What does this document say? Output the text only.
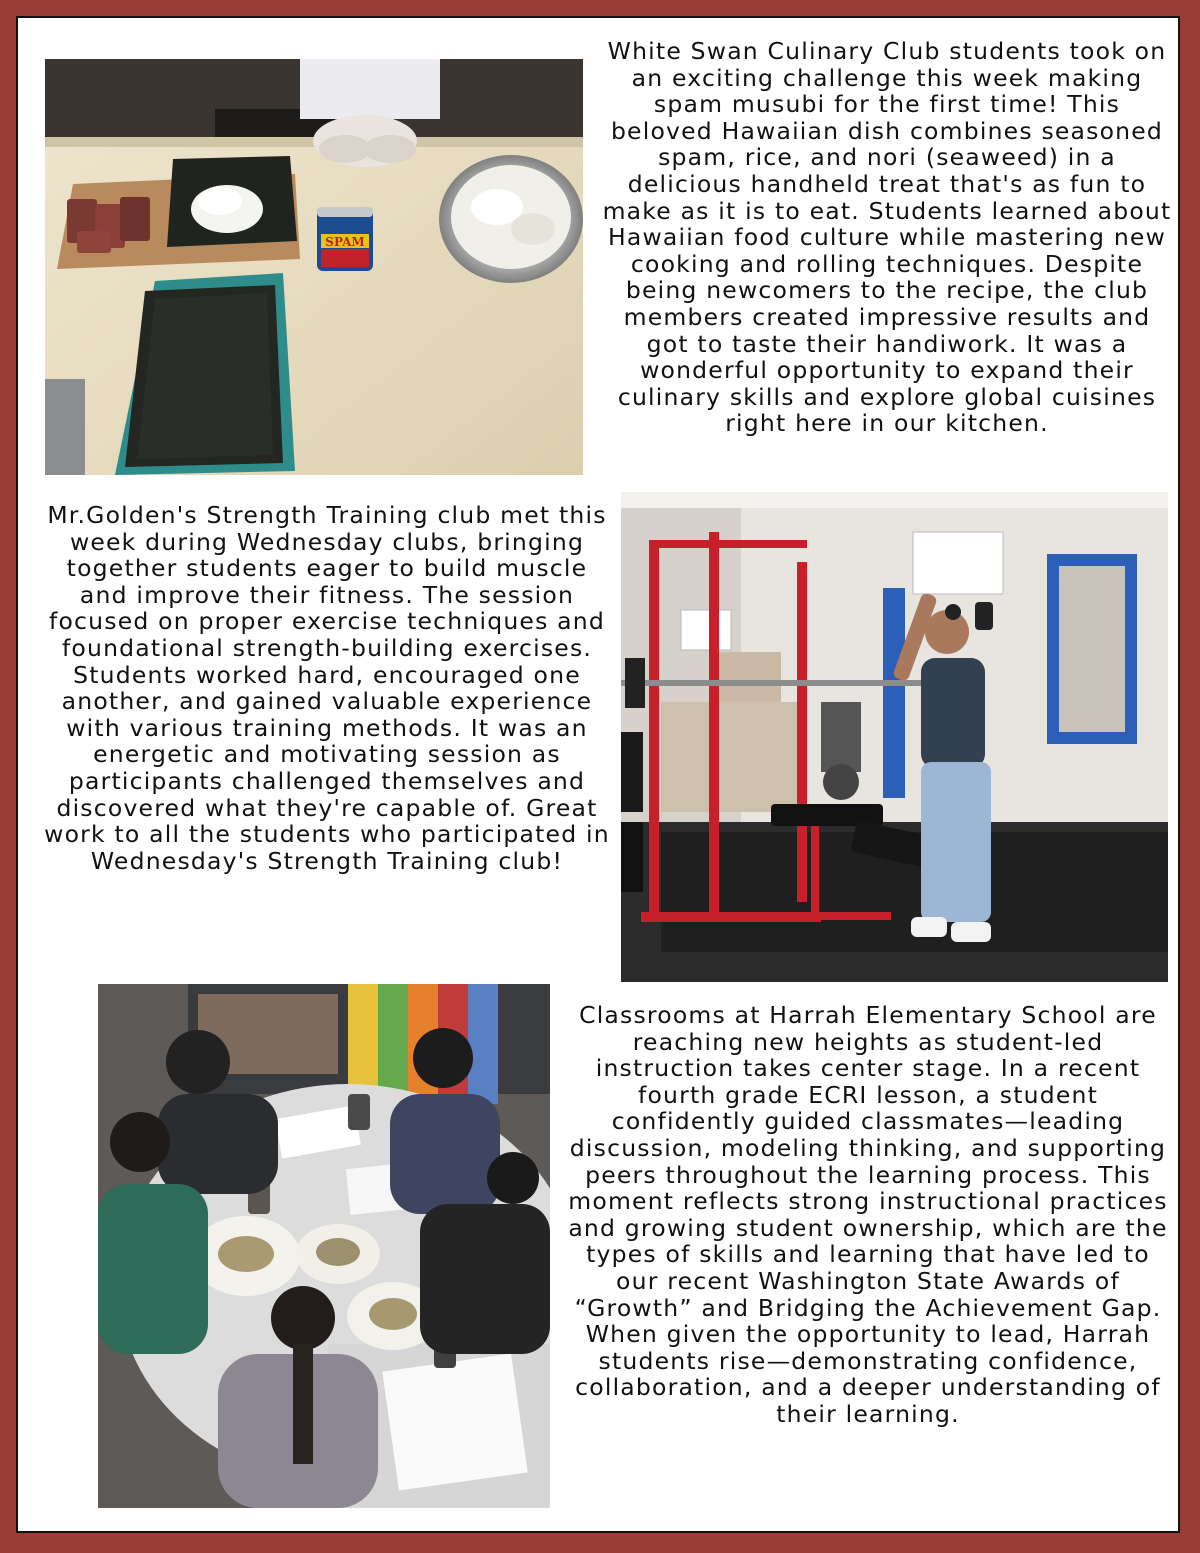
SPAM

White Swan Culinary Club students took on an exciting challenge this week making spam musubi for the first time! This beloved Hawaiian dish combines seasoned spam, rice, and nori (seaweed) in a delicious handheld treat that's as fun to make as it is to eat. Students learned about Hawaiian food culture while mastering new cooking and rolling techniques. Despite being newcomers to the recipe, the club members created impressive results and got to taste their handiwork. It was a wonderful opportunity to expand their culinary skills and explore global cuisines right here in our kitchen.

Mr.Golden's Strength Training club met this week during Wednesday clubs, bringing together students eager to build muscle and improve their fitness. The session focused on proper exercise techniques and foundational strength-building exercises. Students worked hard, encouraged one another, and gained valuable experience with various training methods. It was an energetic and motivating session as participants challenged themselves and discovered what they're capable of. Great work to all the students who participated in Wednesday's Strength Training club!

Classrooms at Harrah Elementary School are reaching new heights as student-led instruction takes center stage. In a recent fourth grade ECRI lesson, a student confidently guided classmates—leading discussion, modeling thinking, and supporting peers throughout the learning process. This moment reflects strong instructional practices and growing student ownership, which are the types of skills and learning that have led to our recent Washington State Awards of “Growth” and Bridging the Achievement Gap. When given the opportunity to lead, Harrah students rise—demonstrating confidence, collaboration, and a deeper understanding of their learning.
